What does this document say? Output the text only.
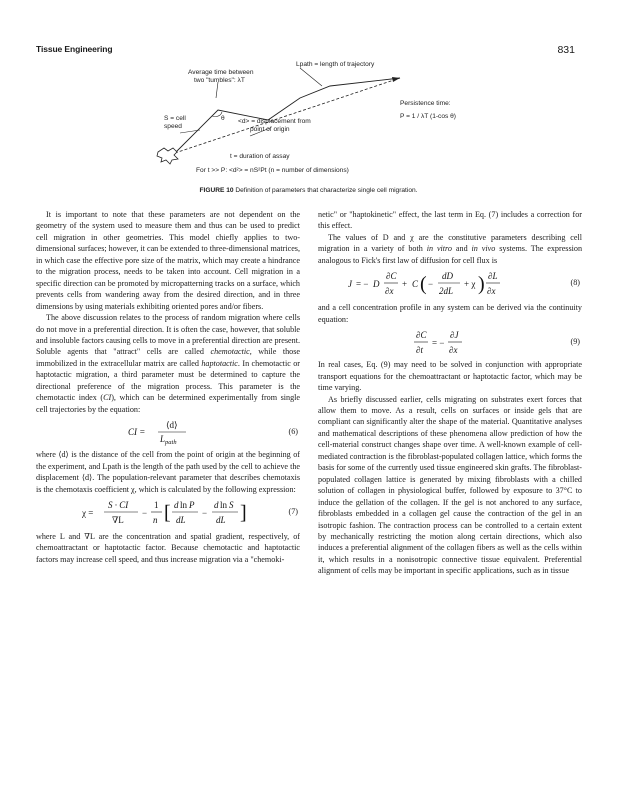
Tissue Engineering	831
Average time between
two "tumbles": λT
Lpath = length of trajectory
S = cell
speed
θ <d> = displacement from
point of origin
t = duration of assay
Persistence time:
P = 1 / λT (1-cos θ)
For t >> P: <d²> = nS²Pt (n = number of dimensions)
FIGURE 10 Definition of parameters that characterize single cell migration.

It is important to note that these parameters are not dependent on the geometry of the system used to measure them and thus can be used to predict cell migration in other geometries. This model chiefly applies to two-dimensional surfaces; however, it can be extended to three-dimensional matrices, in which case the effective pore size of the matrix, which may create a hindrance to the migration process, needs to be taken into account. Cell migration in a specific direction can be promoted by micropatterning tracks on a surface, which prevents cells from wandering away from the desired direction, and in three dimensions by using materials exhibiting oriented pores and/or fibers.

The above discussion relates to the process of random migration where cells do not move in a preferential direction. It is often the case, however, that soluble and insoluble factors causing cells to move in a preferential direction are present. Soluble agents that "attract" cells are called chemotactic, while those immobilized in the extracellular matrix are called haptotactic. In chemotactic or haptotactic migration, a third parameter must be determined to capture the directional preference of the migration process. This parameter is the chemotactic index (CI), which can be determined experimentally from single cell trajectories by the equation:

CI =
⟨d⟩
$L_{path}$
(6)

where ⟨d⟩ is the distance of the cell from the point of origin at the beginning of the experiment, and Lpath is the length of the path used by the cell to achieve the displacement ⟨d⟩. The population-relevant parameter that describes chemotaxis is the chemotaxis coefficient χ, which is calculated by the following expression:

χ =
S · CI
∇L
−
1
n [ d ln P
dL
−
d ln S
dL ]	(7)

where L and ∇L are the concentration and spatial gradient, respectively, of chemoattractant or haptotactic factor. Because chemotactic and haptotactic factors may increase cell speed, and thus increase migration via a "chemoki-

netic" or "haptokinetic" effect, the last term in Eq. (7) includes a correction for this effect.

The values of D and χ are the constitutive parameters describing cell migration in a variety of both in vitro and in vivo systems. The expression analogous to Fick's first law of diffusion for cell flux is

J = − D
∂C
∂x
+ C ( −
dD
2dL
+ χ ) ∂L
∂x
(8)

and a cell concentration profile in any system can be derived via the continuity equation:

∂C
∂t
= −
∂J
∂x
(9)

In real cases, Eq. (9) may need to be solved in conjunction with appropriate transport equations for the chemoattractant or haptotactic factor, which may be time varying.

As briefly discussed earlier, cells migrating on substrates exert forces that allow them to move. As a result, cells on surfaces or inside gels that are compliant can significantly alter the shape of the material. Quantitative analyses and mathematical descriptions of these phenomena allow prediction of how the cell-material construct changes shape over time. A well-known example of cell-mediated contraction is the fibroblast-populated collagen lattice, which forms the basis for some of the currently used tissue engineered skin grafts. The fibroblast-populated collagen lattice is generated by mixing fibroblasts with a chilled solution of collagen in physiological buffer, followed by exposure to 37°C to induce the gellation of the collagen. If the gel is not anchored to any surface, fibroblasts embedded in a collagen gel cause the contraction of the gel in an isotropic fashion. The contraction process can be controlled to a certain extent by mechanically restricting the motion along certain directions, which also induces a preferential alignment of the collagen fibers as well as the cells within it, which results in a nonisotropic connective tissue equivalent. Preferential alignment of cells may be important in specific applications, such as in tissue
